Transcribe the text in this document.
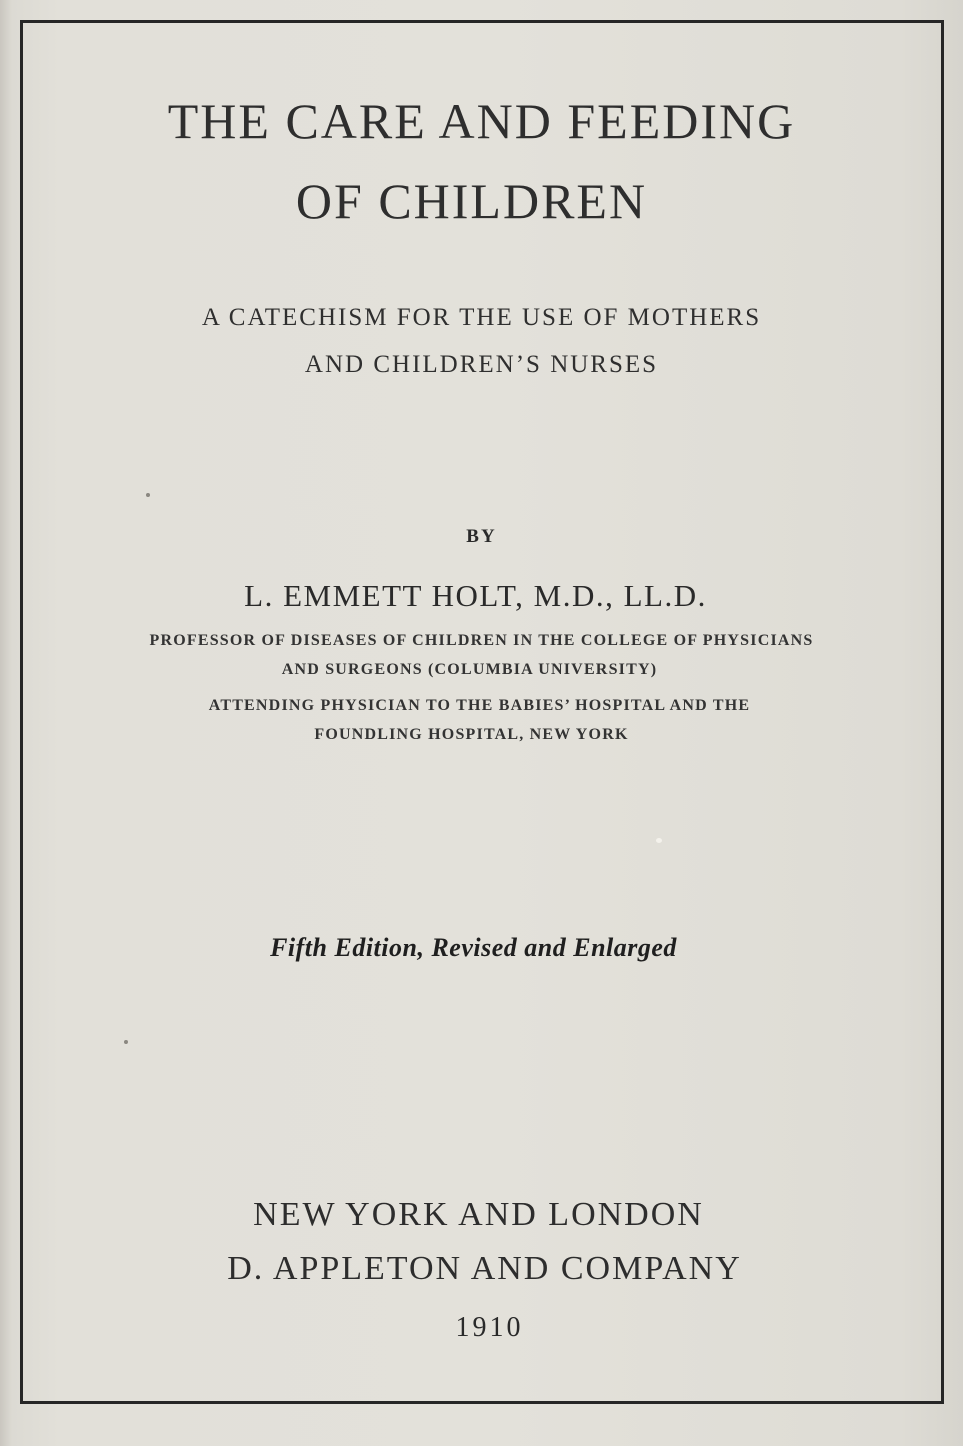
THE CARE AND FEEDING
OF CHILDREN
A CATECHISM FOR THE USE OF MOTHERS
AND CHILDREN’S NURSES
BY
L. EMMETT HOLT, M.D., LL.D.
PROFESSOR OF DISEASES OF CHILDREN IN THE COLLEGE OF PHYSICIANS
AND SURGEONS (COLUMBIA UNIVERSITY)
ATTENDING PHYSICIAN TO THE BABIES’ HOSPITAL AND THE
FOUNDLING HOSPITAL, NEW YORK
Fifth Edition, Revised and Enlarged
NEW YORK AND LONDON
D. APPLETON AND COMPANY
1910
